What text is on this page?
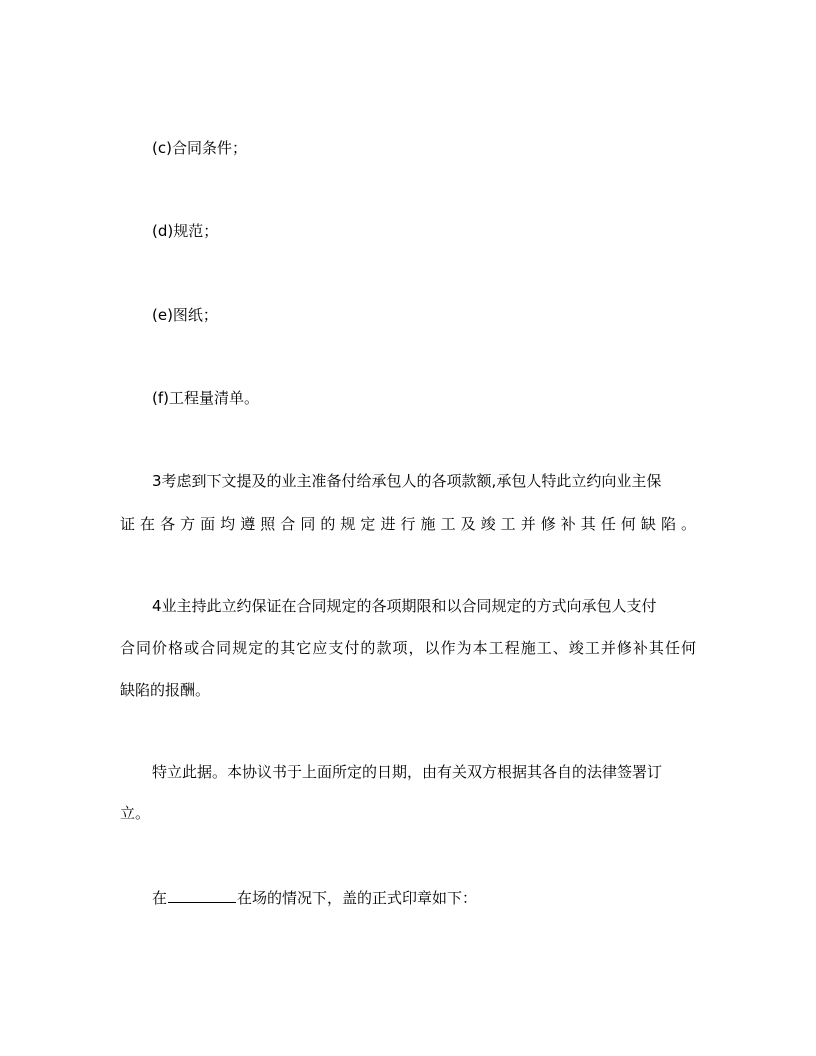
(c)合同条件；
(d)规范；
(e)图纸；
(f)工程量清单。
3考虑到下文提及的业主准备付给承包人的各项款额,承包人特此立约向业主保
证在各方面均遵照合同的规定进行施工及竣工并修补其任何缺陷。
4业主持此立约保证在合同规定的各项期限和以合同规定的方式向承包人支付
合同价格或合同规定的其它应支付的款项，以作为本工程施工、竣工并修补其任何
缺陷的报酬。
特立此据。本协议书于上面所定的日期，由有关双方根据其各自的法律签署订
立。
在	在场的情况下，盖的正式印章如下：
